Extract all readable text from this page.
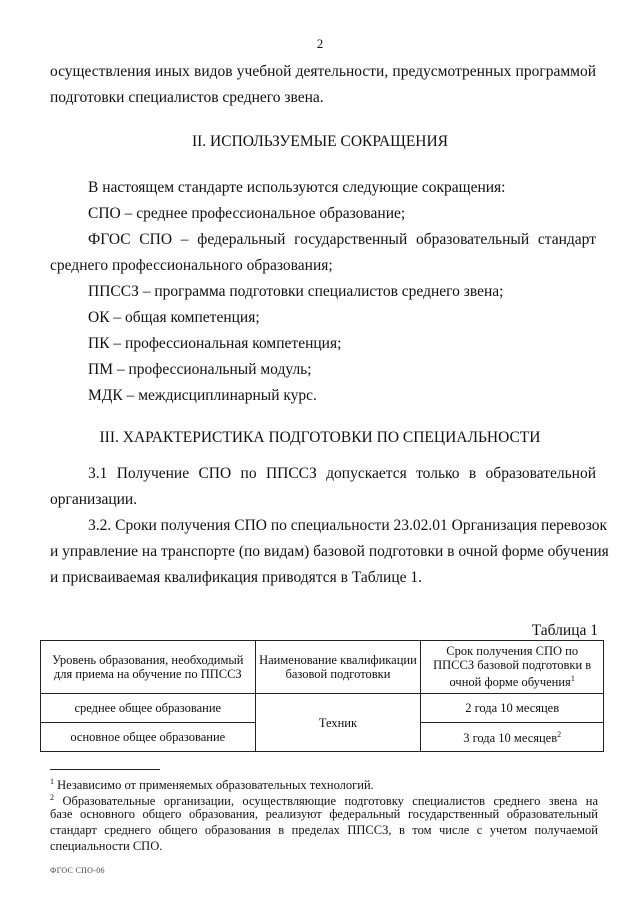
2
осуществления иных видов учебной деятельности, предусмотренных программой
подготовки специалистов среднего звена.
II. ИСПОЛЬЗУЕМЫЕ СОКРАЩЕНИЯ
В настоящем стандарте используются следующие сокращения:
СПО – среднее профессиональное образование;
ФГОС СПО – федеральный государственный образовательный стандарт
среднего профессионального образования;
ППССЗ – программа подготовки специалистов среднего звена;
ОК – общая компетенция;
ПК – профессиональная компетенция;
ПМ – профессиональный модуль;
МДК – междисциплинарный курс.
III. ХАРАКТЕРИСТИКА ПОДГОТОВКИ ПО СПЕЦИАЛЬНОСТИ
3.1 Получение СПО по ППССЗ допускается только в образовательной
организации.
3.2. Сроки получения СПО по специальности 23.02.01 Организация перевозок
и управление на транспорте (по видам) базовой подготовки в очной форме обучения
и присваиваемая квалификация приводятся в Таблице 1.
Таблица 1
Уровень образования, необходимый для приема на обучение по ППССЗ	Наименование квалификации базовой подготовки	Срок получения СПО по ППССЗ базовой подготовки в очной форме обучения$^1$
среднее общее образование	Техник	2 года 10 месяцев
основное общее образование		3 года 10 месяцев$^2$
$^1$ Независимо от применяемых образовательных технологий.
$^2$ Образовательные организации, осуществляющие подготовку специалистов среднего звена на
базе основного общего образования, реализуют федеральный государственный образовательный
стандарт среднего общего образования в пределах ППССЗ, в том числе с учетом получаемой
специальности СПО.
ФГОС СПО-06
